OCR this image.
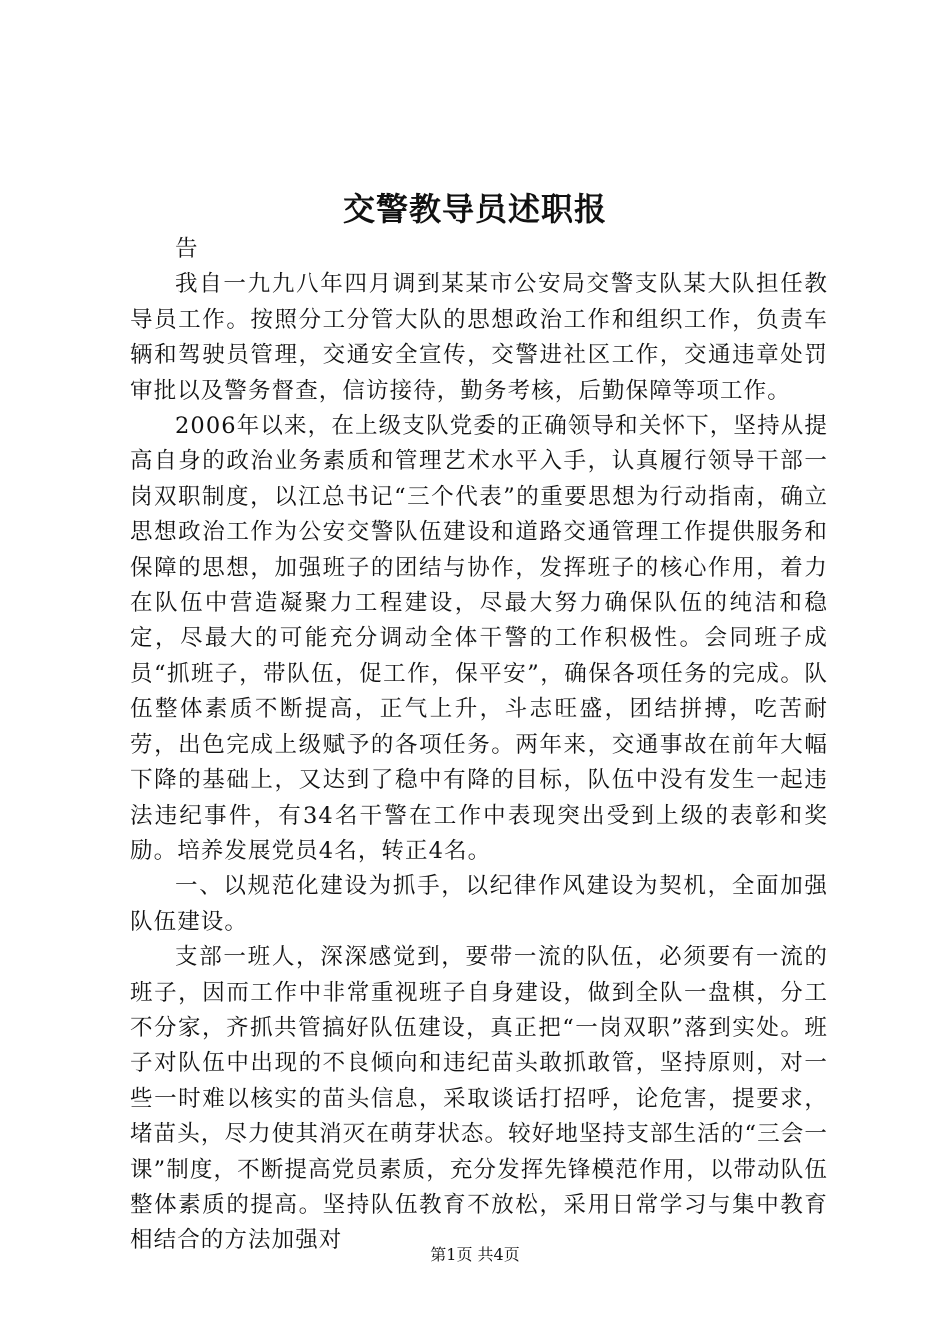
交警教导员述职报

告

我自一九九八年四月调到某某市公安局交警支队某大队担任教导员工作。按照分工分管大队的思想政治工作和组织工作，负责车辆和驾驶员管理，交通安全宣传，交警进社区工作，交通违章处罚审批以及警务督查，信访接待，勤务考核，后勤保障等项工作。

2006年以来，在上级支队党委的正确领导和关怀下，坚持从提高自身的政治业务素质和管理艺术水平入手，认真履行领导干部一岗双职制度，以江总书记“三个代表”的重要思想为行动指南，确立思想政治工作为公安交警队伍建设和道路交通管理工作提供服务和保障的思想，加强班子的团结与协作，发挥班子的核心作用，着力在队伍中营造凝聚力工程建设，尽最大努力确保队伍的纯洁和稳定，尽最大的可能充分调动全体干警的工作积极性。会同班子成员“抓班子，带队伍，促工作，保平安”，确保各项任务的完成。队伍整体素质不断提高，正气上升，斗志旺盛，团结拼搏，吃苦耐劳，出色完成上级赋予的各项任务。两年来，交通事故在前年大幅下降的基础上，又达到了稳中有降的目标，队伍中没有发生一起违法违纪事件，有34名干警在工作中表现突出受到上级的表彰和奖励。培养发展党员4名，转正4名。

一、以规范化建设为抓手，以纪律作风建设为契机，全面加强队伍建设。

支部一班人，深深感觉到，要带一流的队伍，必须要有一流的班子，因而工作中非常重视班子自身建设，做到全队一盘棋，分工不分家，齐抓共管搞好队伍建设，真正把“一岗双职”落到实处。班子对队伍中出现的不良倾向和违纪苗头敢抓敢管，坚持原则，对一些一时难以核实的苗头信息，采取谈话打招呼，论危害，提要求，堵苗头，尽力使其消灭在萌芽状态。较好地坚持支部生活的“三会一课”制度，不断提高党员素质，充分发挥先锋模范作用，以带动队伍整体素质的提高。坚持队伍教育不放松，采用日常学习与集中教育相结合的方法加强对

第1页 共4页
